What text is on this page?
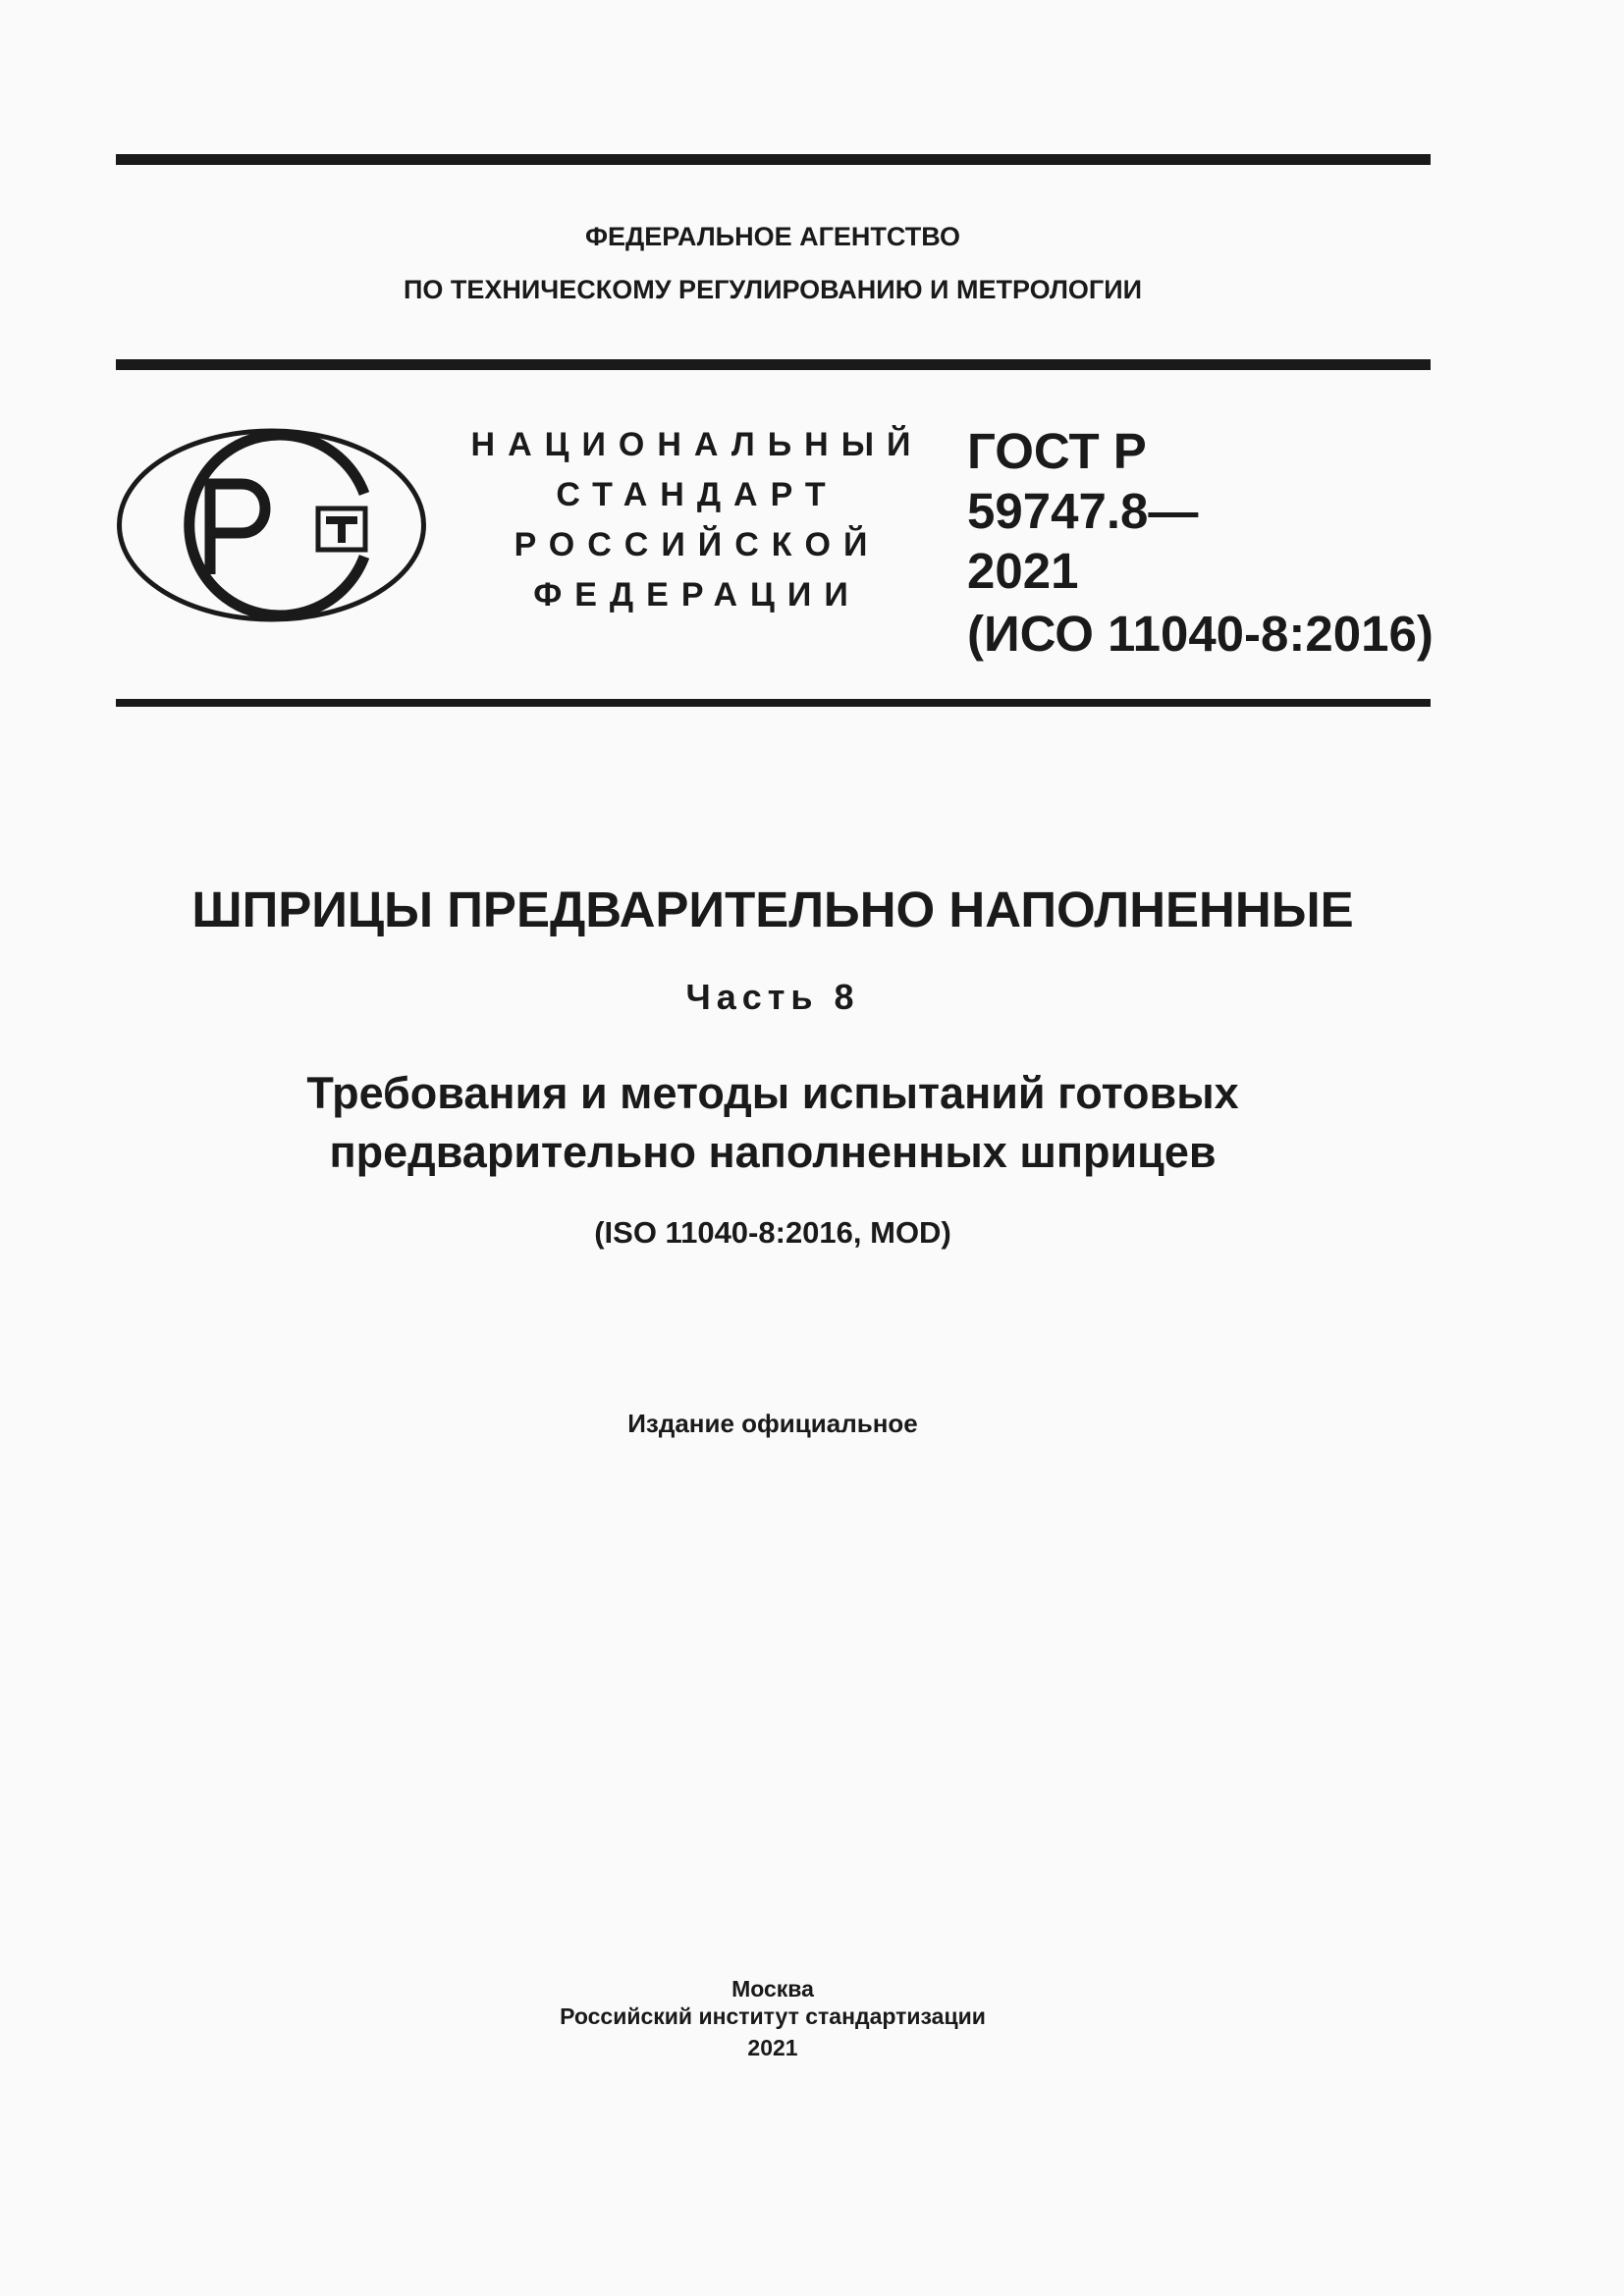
ФЕДЕРАЛЬНОЕ АГЕНТСТВО
ПО ТЕХНИЧЕСКОМУ РЕГУЛИРОВАНИЮ И МЕТРОЛОГИИ
НАЦИОНАЛЬНЫЙ
СТАНДАРТ
РОССИЙСКОЙ
ФЕДЕРАЦИИ
ГОСТ Р
59747.8—
2021
(ИСО 11040-8:2016)
ШПРИЦЫ ПРЕДВАРИТЕЛЬНО НАПОЛНЕННЫЕ
Часть 8
Требования и методы испытаний готовых
предварительно наполненных шприцев
(ISO 11040-8:2016, MOD)
Издание официальное
Москва
Российский институт стандартизации
2021
